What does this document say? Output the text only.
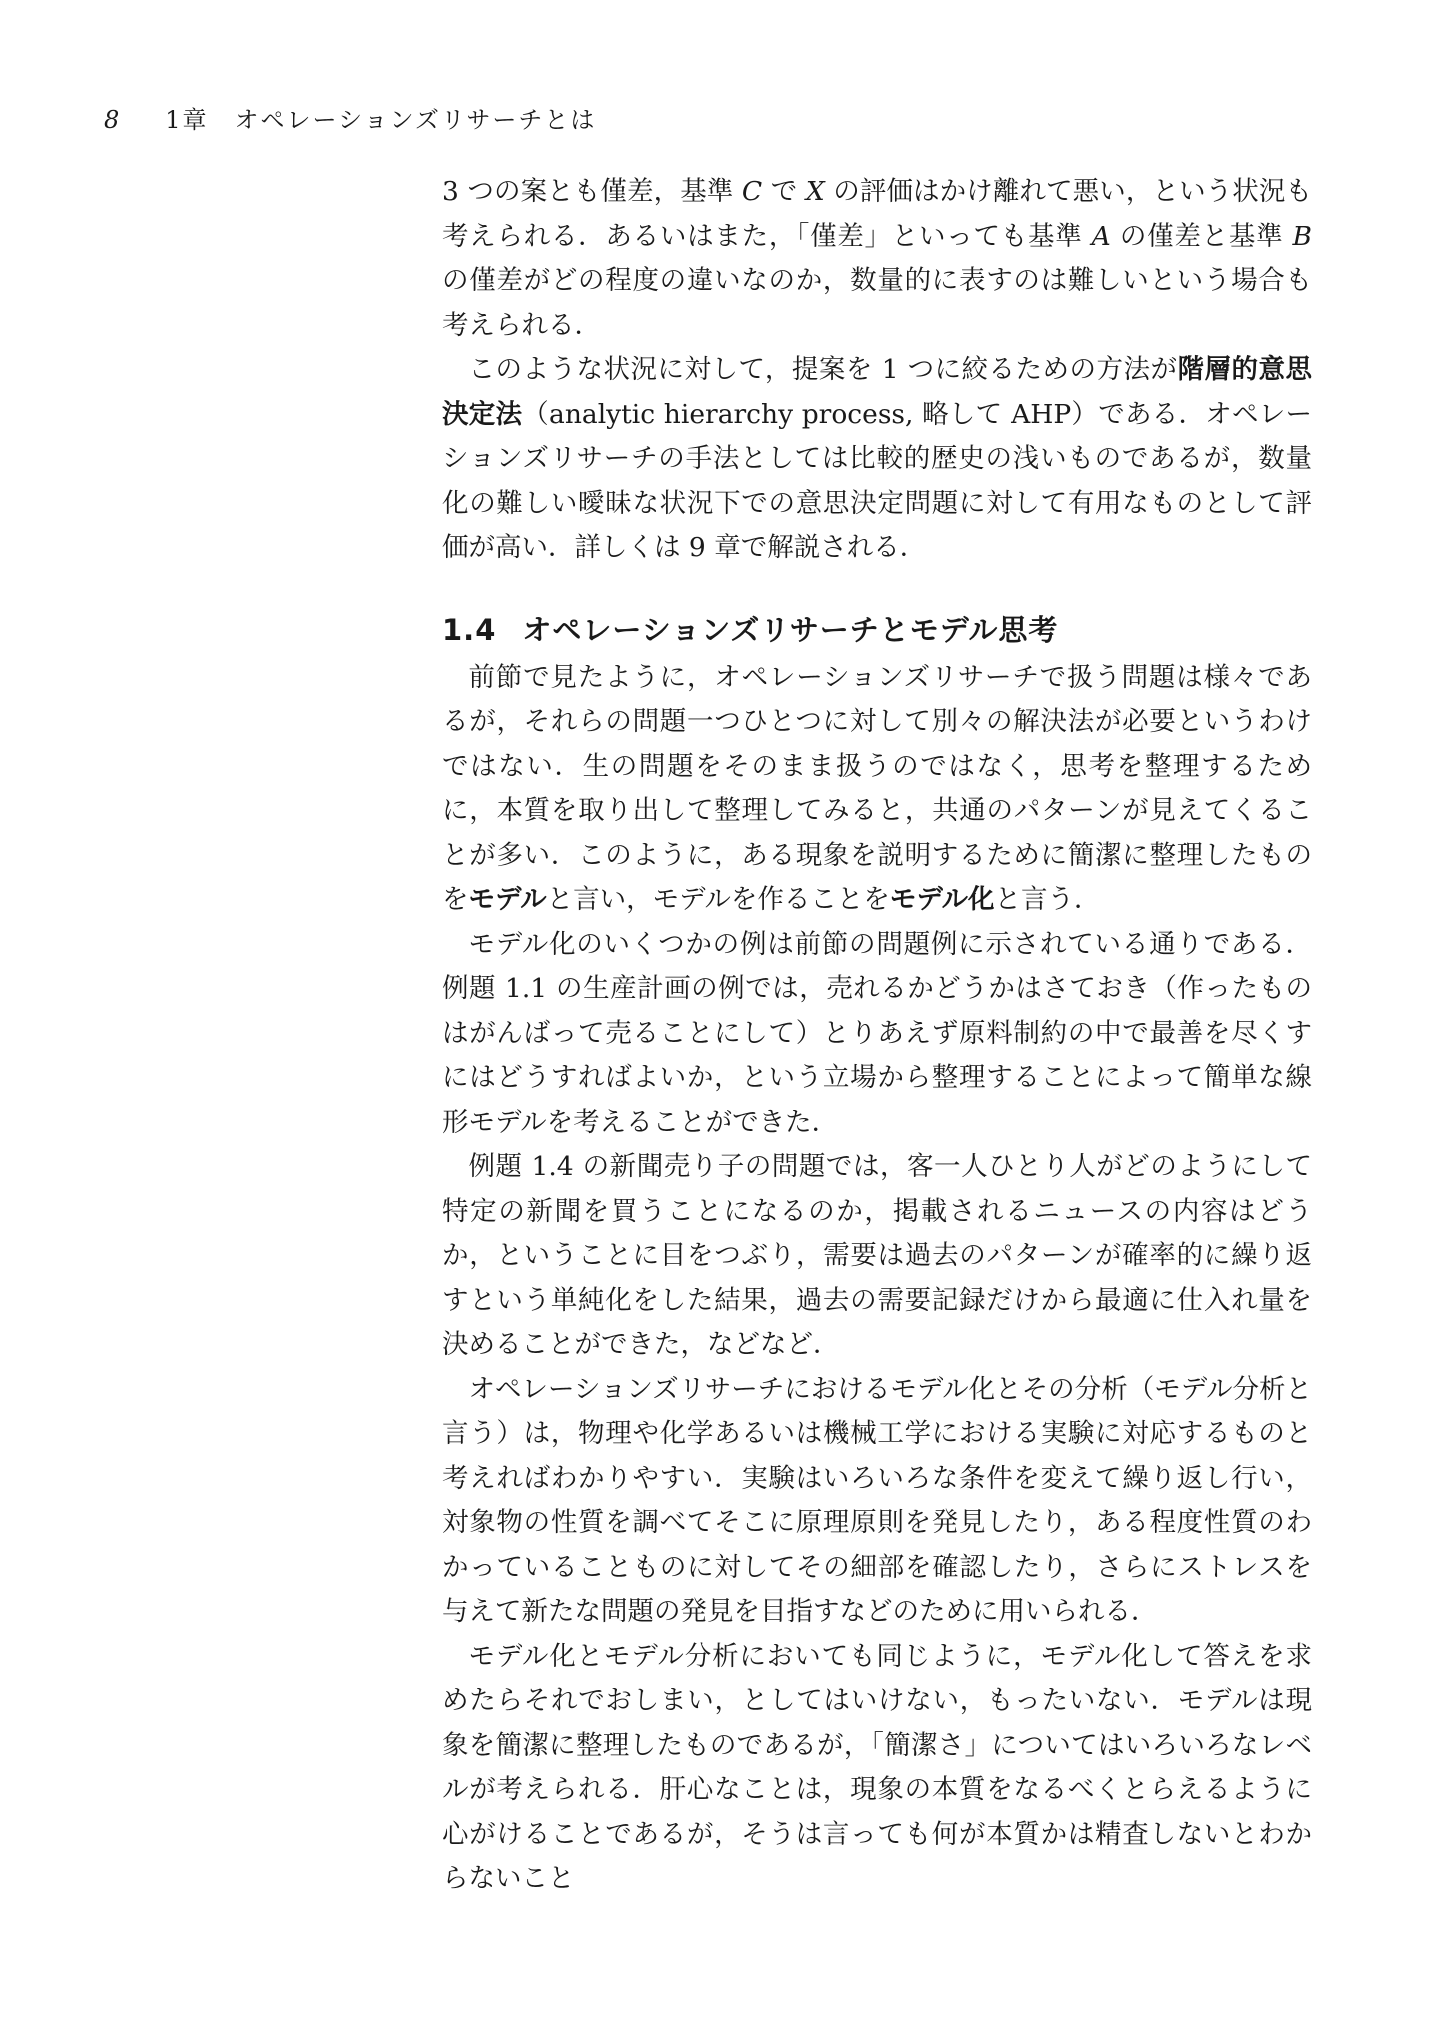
8 1章　オペレーションズリサーチとは

3 つの案とも僅差，基準 C で X の評価はかけ離れて悪い，という状況も考えられる．あるいはまた，「僅差」といっても基準 A の僅差と基準 B の僅差がどの程度の違いなのか，数量的に表すのは難しいという場合も考えられる．

このような状況に対して，提案を 1 つに絞るための方法が階層的意思決定法（analytic hierarchy process, 略して AHP）である．オペレーションズリサーチの手法としては比較的歴史の浅いものであるが，数量化の難しい曖昧な状況下での意思決定問題に対して有用なものとして評価が高い．詳しくは 9 章で解説される．

1.4 オペレーションズリサーチとモデル思考

前節で見たように，オペレーションズリサーチで扱う問題は様々であるが，それらの問題一つひとつに対して別々の解決法が必要というわけではない．生の問題をそのまま扱うのではなく，思考を整理するために，本質を取り出して整理してみると，共通のパターンが見えてくることが多い．このように，ある現象を説明するために簡潔に整理したものをモデルと言い，モデルを作ることをモデル化と言う．

モデル化のいくつかの例は前節の問題例に示されている通りである．例題 1.1 の生産計画の例では，売れるかどうかはさておき（作ったものはがんばって売ることにして）とりあえず原料制約の中で最善を尽くすにはどうすればよいか，という立場から整理することによって簡単な線形モデルを考えることができた．

例題 1.4 の新聞売り子の問題では，客一人ひとり人がどのようにして特定の新聞を買うことになるのか，掲載されるニュースの内容はどうか，ということに目をつぶり，需要は過去のパターンが確率的に繰り返すという単純化をした結果，過去の需要記録だけから最適に仕入れ量を決めることができた，などなど．

オペレーションズリサーチにおけるモデル化とその分析（モデル分析と言う）は，物理や化学あるいは機械工学における実験に対応するものと考えればわかりやすい．実験はいろいろな条件を変えて繰り返し行い，対象物の性質を調べてそこに原理原則を発見したり，ある程度性質のわかっていることものに対してその細部を確認したり，さらにストレスを与えて新たな問題の発見を目指すなどのために用いられる．

モデル化とモデル分析においても同じように，モデル化して答えを求めたらそれでおしまい，としてはいけない，もったいない．モデルは現象を簡潔に整理したものであるが，「簡潔さ」についてはいろいろなレベルが考えられる．肝心なことは，現象の本質をなるべくとらえるように心がけることであるが，そうは言っても何が本質かは精査しないとわからないこと
